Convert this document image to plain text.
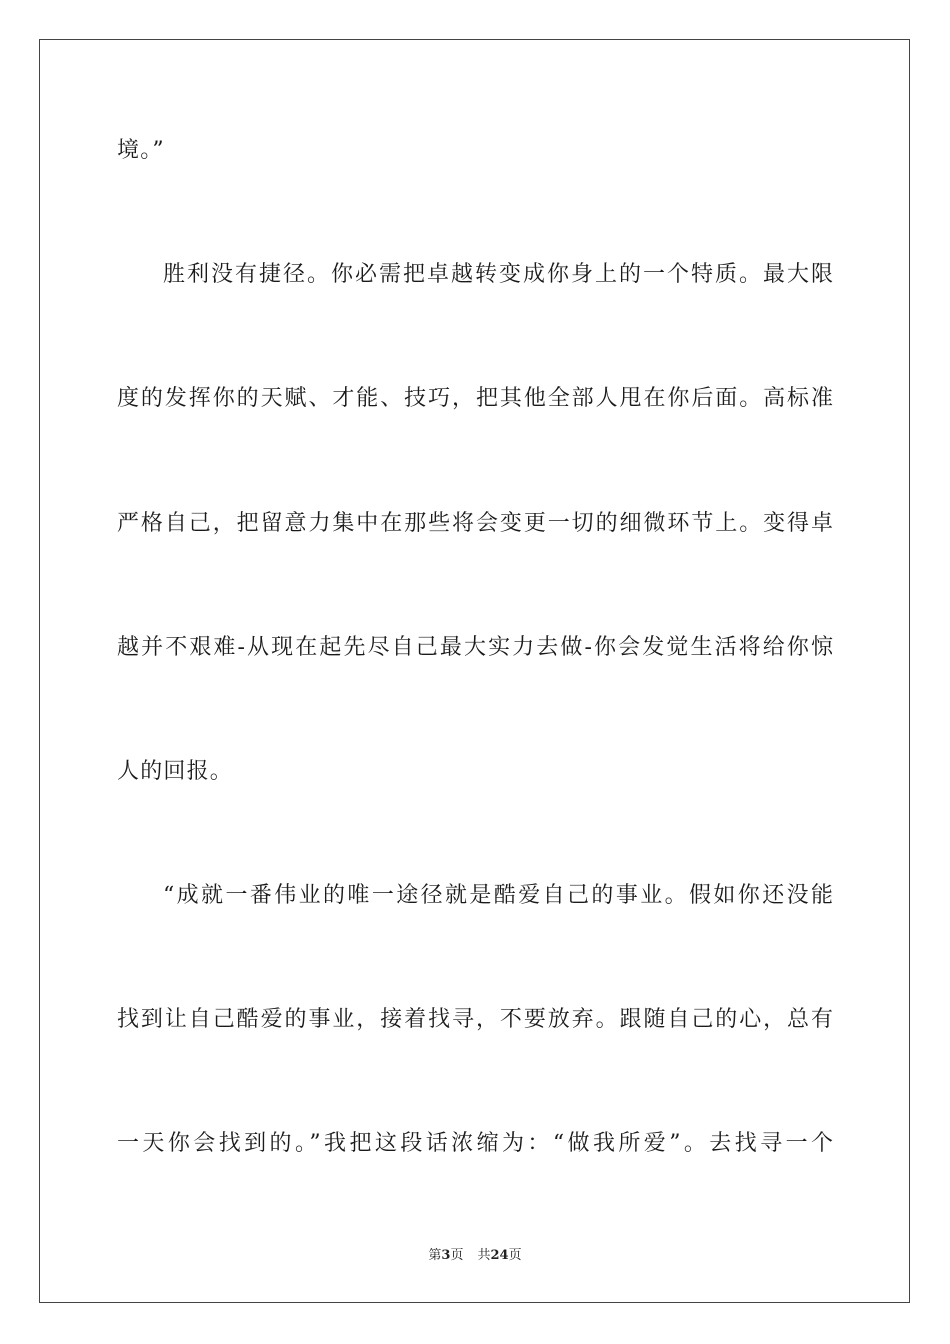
境。”
胜利没有捷径。你必需把卓越转变成你身上的一个特质。最大限
度的发挥你的天赋、才能、技巧，把其他全部人甩在你后面。高标准
严格自己，把留意力集中在那些将会变更一切的细微环节上。变得卓
越并不艰难-从现在起先尽自己最大实力去做-你会发觉生活将给你惊
人的回报。
“成就一番伟业的唯一途径就是酷爱自己的事业。假如你还没能
找到让自己酷爱的事业，接着找寻，不要放弃。跟随自己的心，总有
一天你会找到的。”我把这段话浓缩为：“做我所爱”。去找寻一个
第3页 共24页
